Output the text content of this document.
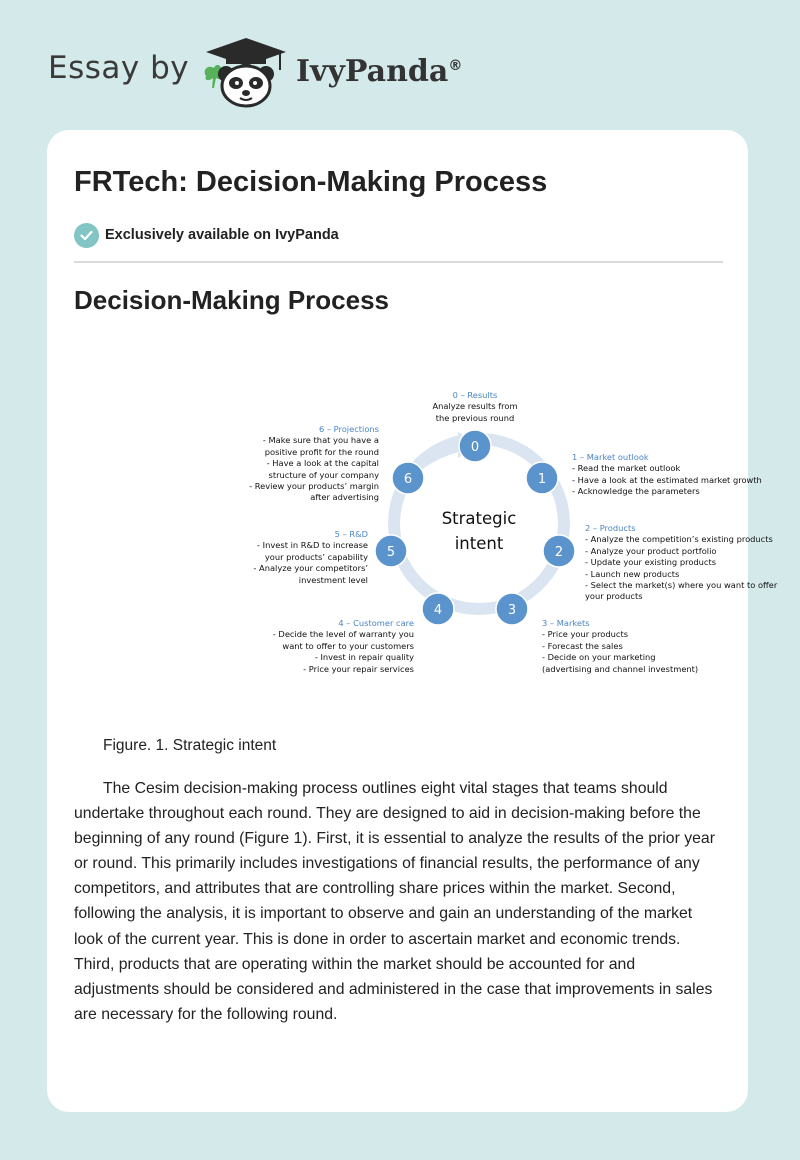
Essay by	IvyPanda®
FRTech: Decision-Making Process
Exclusively available on IvyPanda
Decision-Making Process
0
1
2
3
4
5
6
Strategic
intent
0 – Results
Analyze results from
the previous round
1 – Market outlook
- Read the market outlook
- Have a look at the estimated market growth
- Acknowledge the parameters
2 – Products
- Analyze the competition’s existing products
- Analyze your product portfolio
- Update your existing products
- Launch new products
- Select the market(s) where you want to offer
your products
3 – Markets
- Price your products
- Forecast the sales
- Decide on your marketing
(advertising and channel investment)
4 – Customer care
- Decide the level of warranty you
want to offer to your customers
- Invest in repair quality
- Price your repair services
5 – R&D
- Invest in R&D to increase
your products’ capability
- Analyze your competitors’
investment level
6 – Projections
- Make sure that you have a
positive profit for the round
- Have a look at the capital
structure of your company
- Review your products’ margin
after advertising

Figure. 1. Strategic intent

The Cesim decision-making process outlines eight vital stages that teams should undertake throughout each round. They are designed to aid in decision-making before the beginning of any round (Figure 1). First, it is essential to analyze the results of the prior year or round. This primarily includes investigations of financial results, the performance of any competitors, and attributes that are controlling share prices within the market. Second, following the analysis, it is important to observe and gain an understanding of the market look of the current year. This is done in order to ascertain market and economic trends. Third, products that are operating within the market should be accounted for and adjustments should be considered and administered in the case that improvements in sales are necessary for the following round.
